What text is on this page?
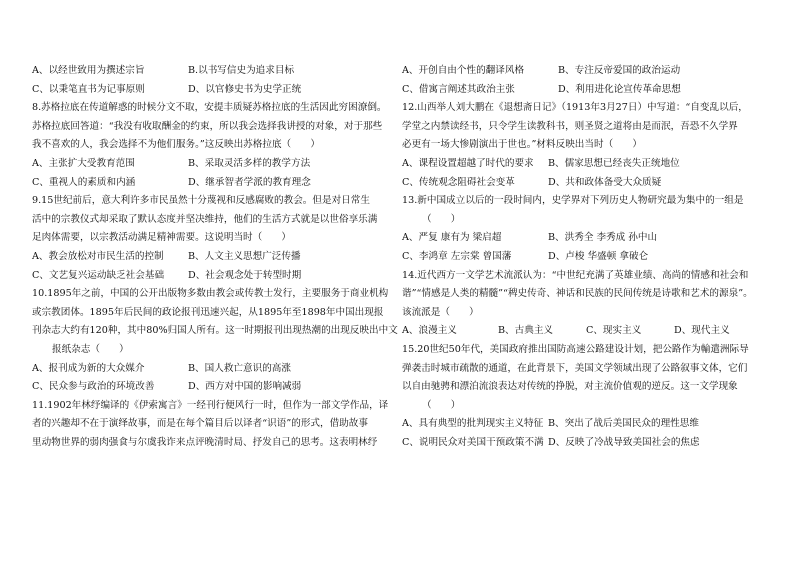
A、以经世致用为撰述宗旨	B.以书写信史为追求目标
C、以秉笔直书为记事原则	D、以官修史书为史学正统
8.苏格拉底在传道解惑的时候分文不取，安提丰质疑苏格拉底的生活因此穷困潦倒。
苏格拉底回答道：“我没有收取酬金的约束，所以我会选择我讲授的对象，对于那些
我不喜欢的人，我会选择不为他们服务。”这反映出苏格拉底（　　）
A、主张扩大受教育范围	B、采取灵活多样的教学方法
C、重视人的素质和内涵	D、继承智者学派的教育理念
9.15世纪前后，意大利许多市民虽然十分蔑视和反感腐败的教会。但是对日常生
活中的宗教仪式却采取了默认态度并坚决维持，他们的生活方式就是以世俗享乐满
足肉体需要，以宗教活动满足精神需要。这说明当时（　　）
A、教会放松对市民生活的控制	B、人文主义思想广泛传播
C、文艺复兴运动缺乏社会基础	D、社会观念处于转型时期
10.1895年之前，中国的公开出版物多数由教会或传教士发行，主要服务于商业机构
或宗教团体。1895年后民间的政论报刊迅速兴起，从1895年至1898年中国出现报
刊杂志大约有120种，其中80%归国人所有。这一时期报刊出现热潮的出现反映出中文
报纸杂志（　　）
A、报刊成为新的大众媒介	B、国人救亡意识的高涨
C、民众参与政治的环境改善	D、西方对中国的影响减弱
11.1902年林纾编译的《伊索寓言》一经刊行便风行一时，但作为一部文学作品，译
者的兴趣却不在于演绎故事，而是在每个篇目后以译者“识语”的形式，借助故事
里动物世界的弱肉强食与尔虞我诈来点评晚清时局、抒发自己的思考。这表明林纾
A、开创自由个性的翻译风格	B、专注反帝爱国的政治运动
C、借寓言阐述其政治主张	D、利用进化论宣传革命思想
12.山西举人刘大鹏在《退想斋日记》（1913年3月27日）中写道：“自变乱以后，
学堂之内禁读经书，只令学生读教科书，则圣贤之道将由是而泯，吾恐不久学界
必更有一场大惨剧演出于世也。”材料反映出当时（　　）
A、课程设置超越了时代的要求	B、儒家思想已经丧失正统地位
C、传统观念阻碍社会变革	D、共和政体备受大众质疑
13.新中国成立以后的一段时间内，史学界对下列历史人物研究最为集中的一组是
（　　）
A、严复 康有为 梁启超	B、洪秀全 李秀成 孙中山
C、李鸿章 左宗棠 曾国藩	D、卢梭 华盛顿 拿破仑
14.近代西方一文学艺术流派认为：“中世纪充满了英雄业绩、高尚的情感和社会和
谐”“情感是人类的精髓”“稗史传奇、神话和民族的民间传统是诗歌和艺术的源泉”。
该流派是（　　）
A、浪漫主义	B、古典主义	C、现实主义	D、现代主义
15.20世纪50年代，美国政府推出国防高速公路建设计划，把公路作为輸遣洲际导
弹袭击时城市疏散的通道，在此背景下，美国文学领域出现了公路叙事文体，它们
以自由驰骋和漂泊流浪表达对传统的挣脱，对主流价值观的逆反。这一文学现象
（　　）
A、具有典型的批判现实主义特征 B、突出了战后美国民众的理性思维
C、说明民众对美国干预政策不满 D、反映了冷战导致美国社会的焦虑
